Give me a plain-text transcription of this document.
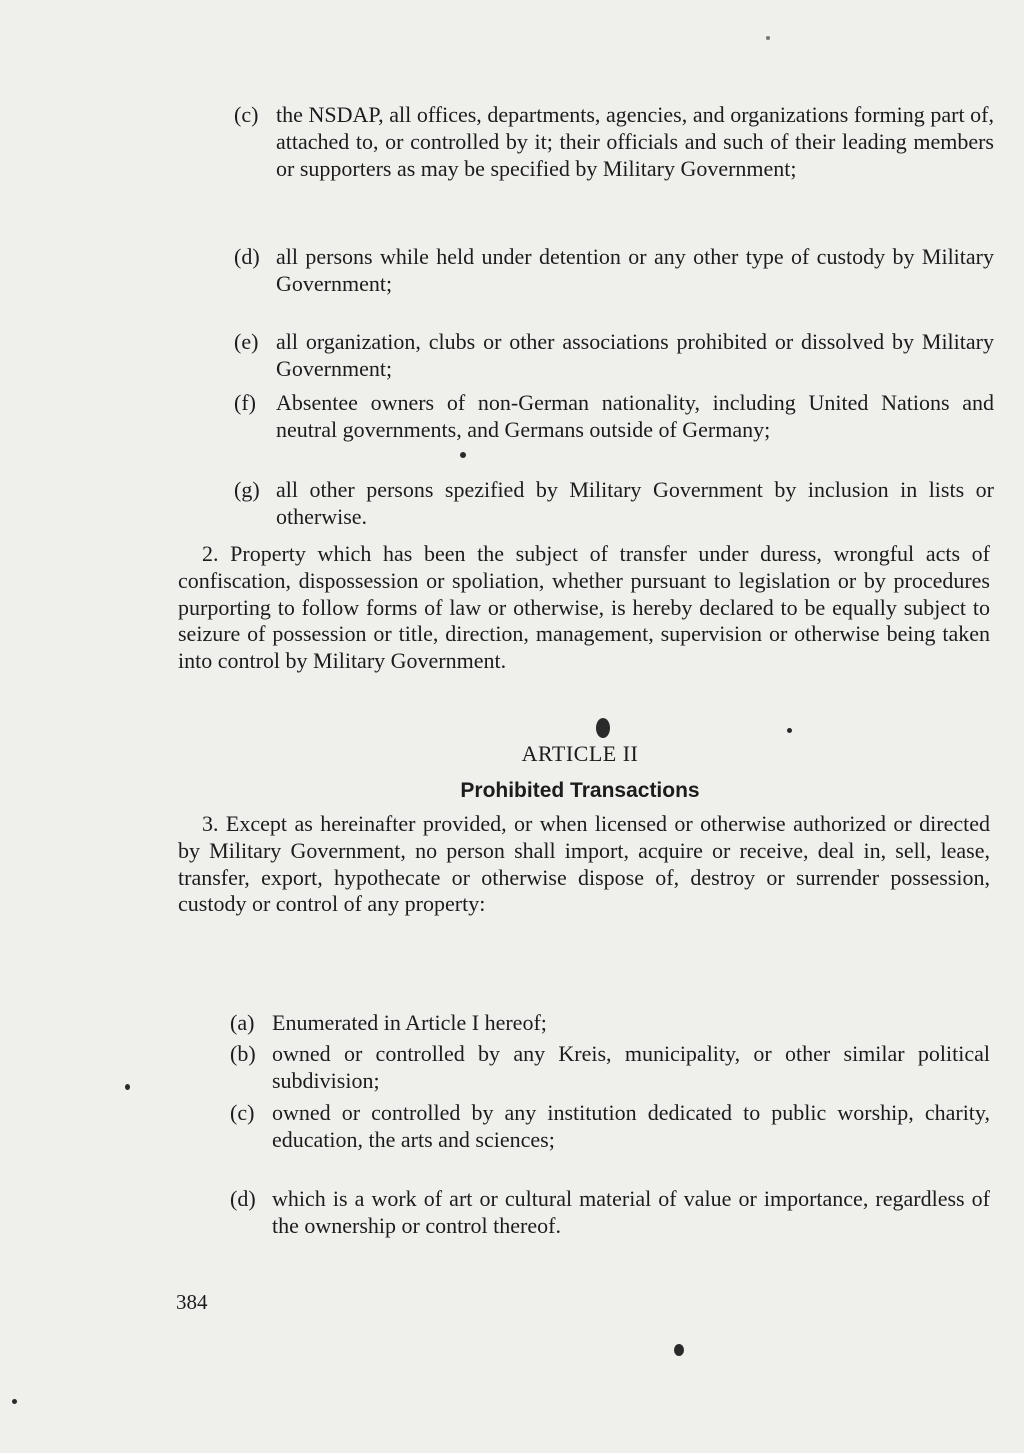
(c) the NSDAP, all offices, departments, agencies, and organizations forming part of, attached to, or controlled by it; their officials and such of their leading members or supporters as may be specified by Military Government;
(d) all persons while held under detention or any other type of custody by Military Government;
(e) all organization, clubs or other associations prohibited or dissolved by Military Government;
(f) Absentee owners of non-German nationality, including United Nations and neutral governments, and Germans outside of Germany;
(g) all other persons spezified by Military Government by inclusion in lists or otherwise.
2. Property which has been the subject of transfer under duress, wrongful acts of confiscation, dispossession or spoliation, whether pursuant to legislation or by procedures purporting to follow forms of law or otherwise, is hereby declared to be equally subject to seizure of possession or title, direction, management, supervision or otherwise being taken into control by Military Government.
ARTICLE II
Prohibited Transactions
3. Except as hereinafter provided, or when licensed or otherwise authorized or directed by Military Government, no person shall import, acquire or receive, deal in, sell, lease, transfer, export, hypothecate or otherwise dispose of, destroy or surrender possession, custody or control of any property:
(a) Enumerated in Article I hereof;
(b) owned or controlled by any Kreis, municipality, or other similar political subdivision;
(c) owned or controlled by any institution dedicated to public worship, charity, education, the arts and sciences;
(d) which is a work of art or cultural material of value or importance, regardless of the ownership or control thereof.
384
